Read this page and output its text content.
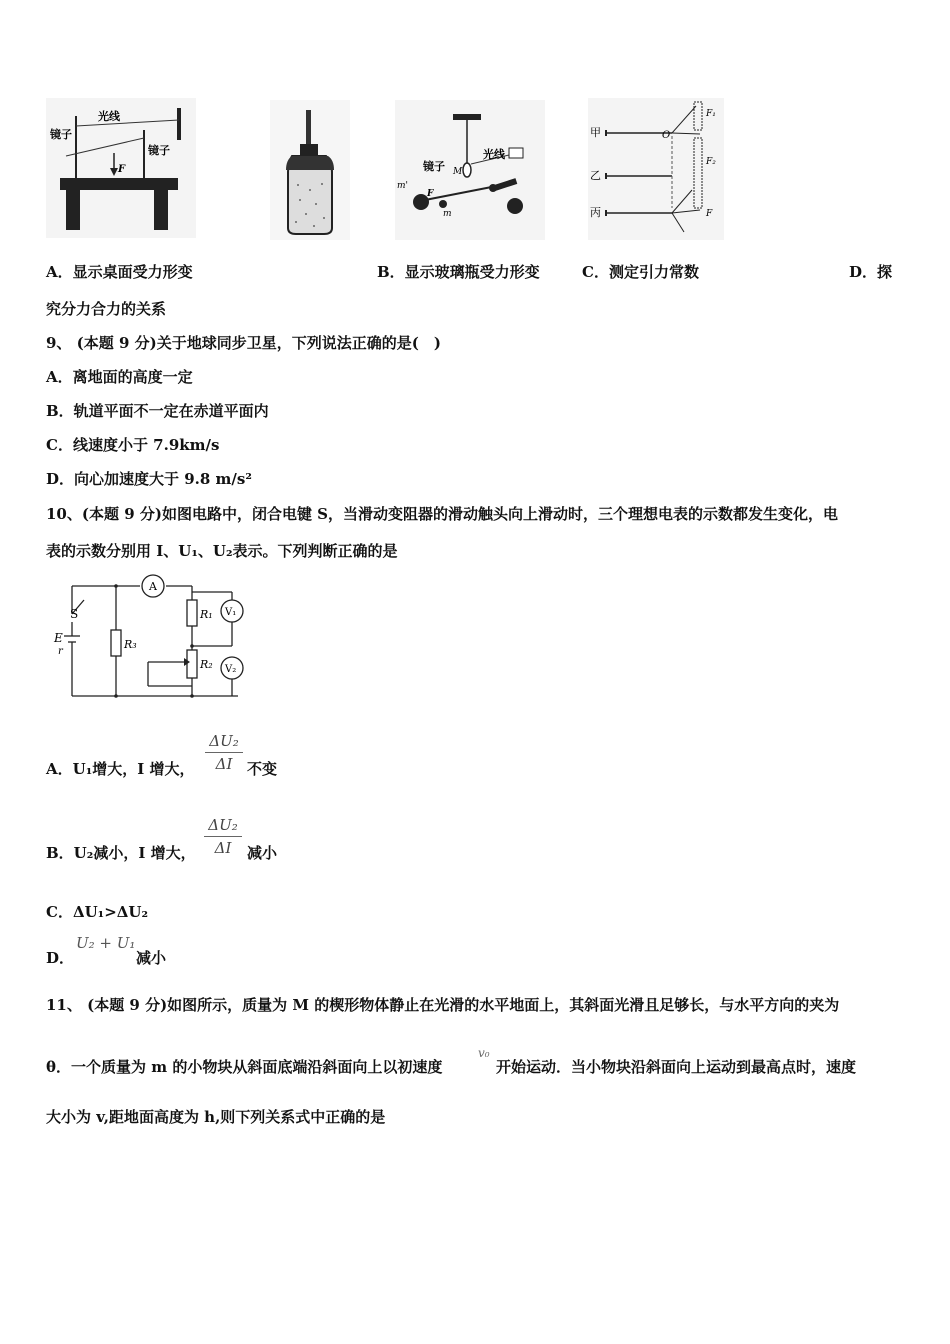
镜子
光线
镜子
F	镜子 M
光线
m
m'
F
甲
乙
丙
O
F₁
F₂
F
A．显示桌面受力形变	B．显示玻璃瓶受力形变	C．测定引力常数	D．探
究分力合力的关系
9、 (本题 9 分)关于地球同步卫星，下列说法正确的是(　)
A．离地面的高度一定
B．轨道平面不一定在赤道平面内
C．线速度小于 7.9km/s
D．向心加速度大于 9.8 m/s²
10、(本题 9 分)如图电路中，闭合电键 S，当滑动变阻器的滑动触头向上滑动时，三个理想电表的示数都发生变化，电
表的示数分别用 I、U₁、U₂表示。下列判断正确的是
S
E
r
R₃
A
R₁
R₂
V₁
V₂
A．U₁增大，I 增大，
ΔU₂
ΔI 不变
B．U₂减小，I 增大，
ΔU₂
ΔI	减小
C．ΔU₁>ΔU₂
D．
U₂ + U₁
减小
11、 (本题 9 分)如图所示，质量为 M 的楔形物体静止在光滑的水平地面上，其斜面光滑且足够长，与水平方向的夹为
θ．一个质量为 m 的小物块从斜面底端沿斜面向上以初速度
v₀
开始运动．当小物块沿斜面向上运动到最高点时，速度
大小为 v,距地面高度为 h,则下列关系式中正确的是
